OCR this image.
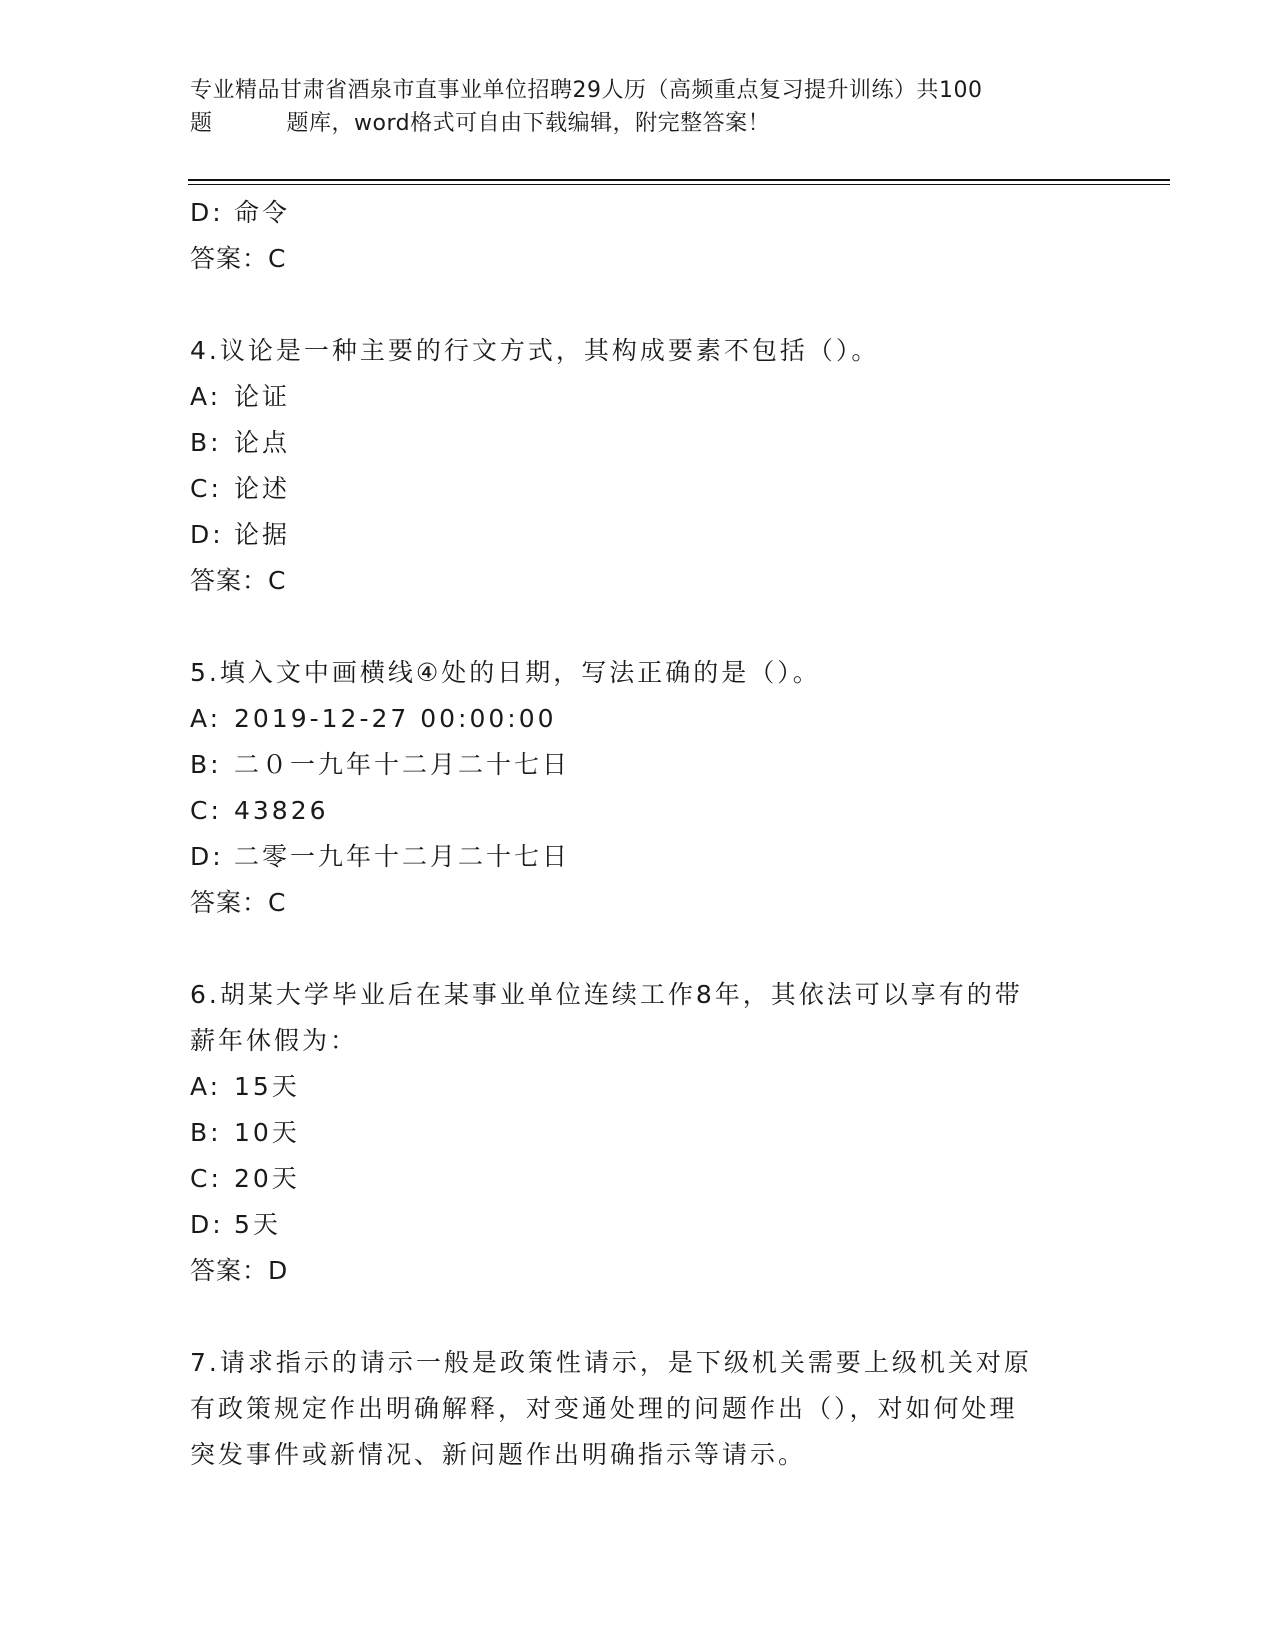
专业精品甘肃省酒泉市直事业单位招聘29人历（高频重点复习提升训练）共100
题	题库，word格式可自由下载编辑，附完整答案！
D: 命令
答案：C
4.议论是一种主要的行文方式，其构成要素不包括（）。
A: 论证
B: 论点
C: 论述
D: 论据
答案：C
5.填入文中画横线④处的日期，写法正确的是（）。
A: 2019-12-27 00:00:00
B: 二０一九年十二月二十七日
C: 43826
D: 二零一九年十二月二十七日
答案：C
6.胡某大学毕业后在某事业单位连续工作8年，其依法可以享有的带
薪年休假为：
A: 15天
B: 10天
C: 20天
D: 5天
答案：D
7.请求指示的请示一般是政策性请示，是下级机关需要上级机关对原
有政策规定作出明确解释，对变通处理的问题作出（），对如何处理
突发事件或新情况、新问题作出明确指示等请示。
